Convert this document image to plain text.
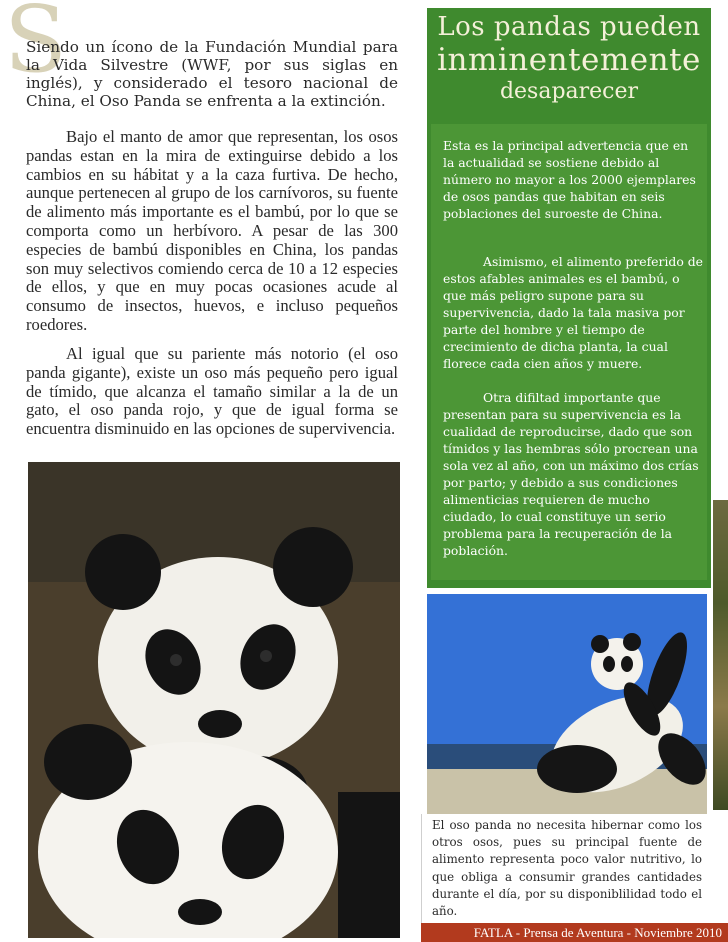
S

Siendo un ícono de la Fundación Mundial para la Vida Silvestre (WWF, por sus siglas en inglés), y considerado el tesoro nacional de China, el Oso Panda se enfrenta a la extinción.

Bajo el manto de amor que representan, los osos pandas estan en la mira de extinguirse debido a los cambios en su hábitat y a la caza furtiva. De hecho, aunque pertenecen al grupo de los carnívoros, su fuente de alimento más importante es el bambú, por lo que se comporta como un herbívoro. A pesar de las 300 especies de bambú disponibles en China, los pandas son muy selectivos comiendo cerca de 10 a 12 especies de ellos, y que en muy pocas ocasiones acude al consumo de insectos, huevos, e incluso pequeños roedores.

Al igual que su pariente más notorio (el oso panda gigante), existe un oso más pequeño pero igual de tímido, que alcanza el tamaño similar a la de un gato, el oso panda rojo, y que de igual forma se encuentra disminuido en las opciones de supervivencia.

Los pandas pueden
inminentemente
desaparecer

Esta es la principal advertencia que en la actualidad se sostiene debido al número no mayor a los 2000 ejemplares de osos pandas que habitan en seis poblaciones del suroeste de China.

Asimismo, el alimento preferido de estos afables animales es el bambú, o que más peligro supone para su supervivencia, dado la tala masiva por parte del hombre y el tiempo de crecimiento de dicha planta, la cual florece cada cien años y muere.

Otra difiltad importante que presentan para su supervivencia es la cualidad de reproducirse, dado que son tímidos y las hembras sólo procrean una sola vez al año, con un máximo dos crías por parto; y debido a sus condiciones alimenticias requieren de mucho ciudado, lo cual constituye un serio problema para la recuperación de la población.

El oso panda no necesita hibernar como los otros osos, pues su principal fuente de alimento representa poco valor nutritivo, lo que obliga a consumir grandes cantidades durante el día, por su disponiblilidad todo el año.

FATLA - Prensa de Aventura - Noviembre 2010
